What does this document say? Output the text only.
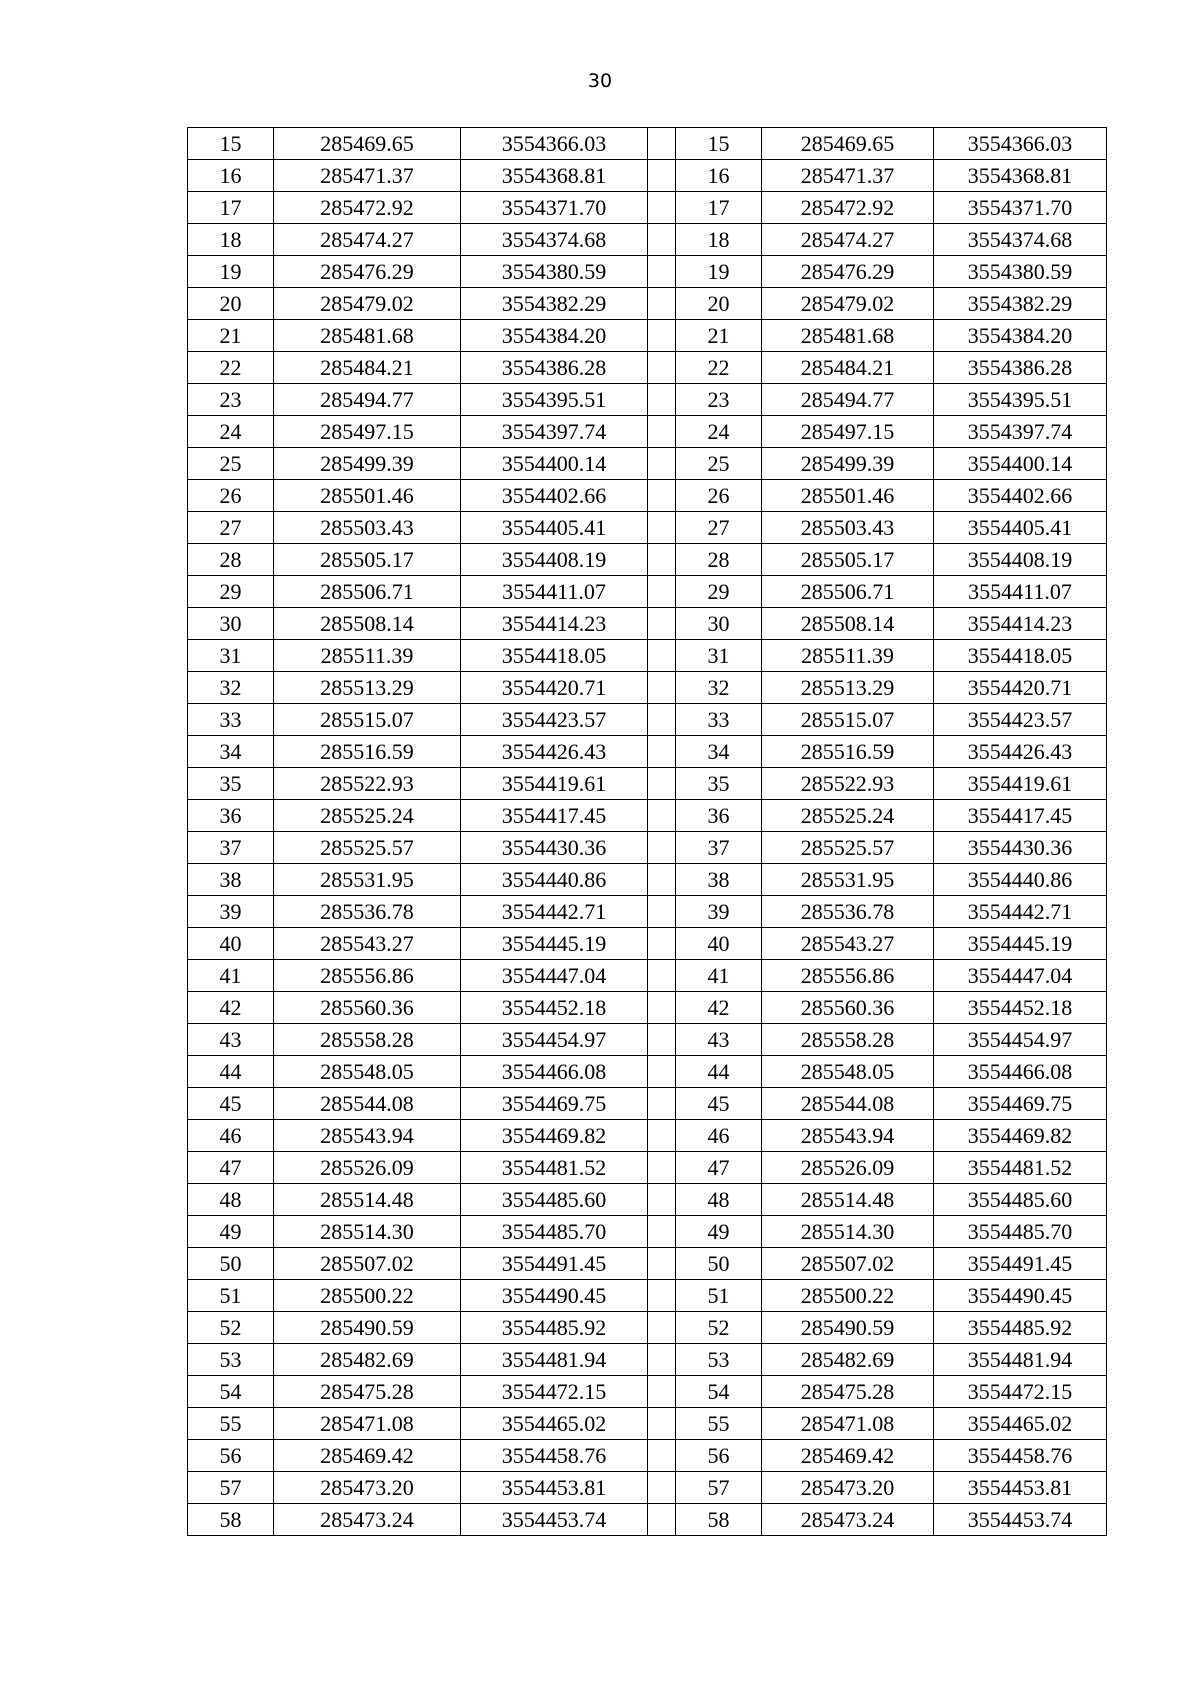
30
15	285469.65	3554366.03		15	285469.65	3554366.03
16	285471.37	3554368.81		16	285471.37	3554368.81
17	285472.92	3554371.70		17	285472.92	3554371.70
18	285474.27	3554374.68		18	285474.27	3554374.68
19	285476.29	3554380.59		19	285476.29	3554380.59
20	285479.02	3554382.29		20	285479.02	3554382.29
21	285481.68	3554384.20		21	285481.68	3554384.20
22	285484.21	3554386.28		22	285484.21	3554386.28
23	285494.77	3554395.51		23	285494.77	3554395.51
24	285497.15	3554397.74		24	285497.15	3554397.74
25	285499.39	3554400.14		25	285499.39	3554400.14
26	285501.46	3554402.66		26	285501.46	3554402.66
27	285503.43	3554405.41		27	285503.43	3554405.41
28	285505.17	3554408.19		28	285505.17	3554408.19
29	285506.71	3554411.07		29	285506.71	3554411.07
30	285508.14	3554414.23		30	285508.14	3554414.23
31	285511.39	3554418.05		31	285511.39	3554418.05
32	285513.29	3554420.71		32	285513.29	3554420.71
33	285515.07	3554423.57		33	285515.07	3554423.57
34	285516.59	3554426.43		34	285516.59	3554426.43
35	285522.93	3554419.61		35	285522.93	3554419.61
36	285525.24	3554417.45		36	285525.24	3554417.45
37	285525.57	3554430.36		37	285525.57	3554430.36
38	285531.95	3554440.86		38	285531.95	3554440.86
39	285536.78	3554442.71		39	285536.78	3554442.71
40	285543.27	3554445.19		40	285543.27	3554445.19
41	285556.86	3554447.04		41	285556.86	3554447.04
42	285560.36	3554452.18		42	285560.36	3554452.18
43	285558.28	3554454.97		43	285558.28	3554454.97
44	285548.05	3554466.08		44	285548.05	3554466.08
45	285544.08	3554469.75		45	285544.08	3554469.75
46	285543.94	3554469.82		46	285543.94	3554469.82
47	285526.09	3554481.52		47	285526.09	3554481.52
48	285514.48	3554485.60		48	285514.48	3554485.60
49	285514.30	3554485.70		49	285514.30	3554485.70
50	285507.02	3554491.45		50	285507.02	3554491.45
51	285500.22	3554490.45		51	285500.22	3554490.45
52	285490.59	3554485.92		52	285490.59	3554485.92
53	285482.69	3554481.94		53	285482.69	3554481.94
54	285475.28	3554472.15		54	285475.28	3554472.15
55	285471.08	3554465.02		55	285471.08	3554465.02
56	285469.42	3554458.76		56	285469.42	3554458.76
57	285473.20	3554453.81		57	285473.20	3554453.81
58	285473.24	3554453.74		58	285473.24	3554453.74
